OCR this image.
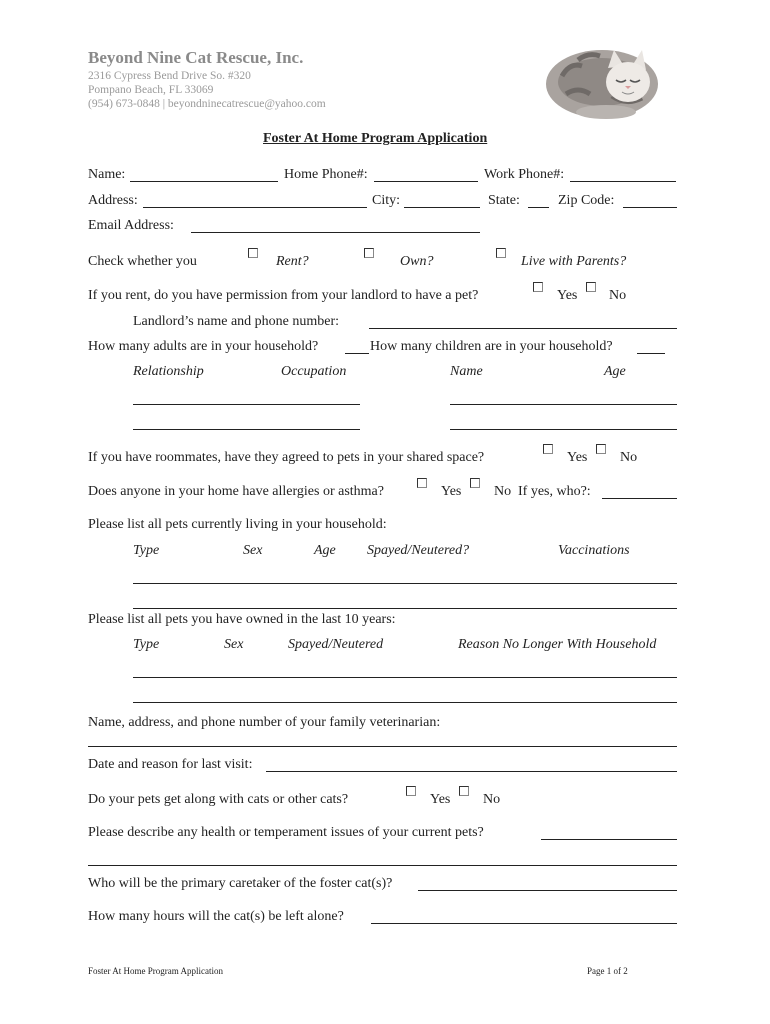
Beyond Nine Cat Rescue, Inc.
2316 Cypress Bend Drive So. #320
Pompano Beach, FL 33069
(954) 673-0848 | beyondninecatrescue@yahoo.com
Foster At Home Program Application
Name:	Home Phone#:	Work Phone#:
Address:	City:	State:	Zip Code:
Email Address:
Check whether you	Rent?	Own?	Live with Parents?
If you rent, do you have permission from your landlord to have a pet?	Yes No
Landlord’s name and phone number:
How many adults are in your household?	How many children are in your household?
Relationship	Occupation	Name	Age
If you have roommates, have they agreed to pets in your shared space?	Yes No
Does anyone in your home have allergies or asthma?	Yes No If yes, who?:
Please list all pets currently living in your household:
Type	Sex	Age Spayed/Neutered?	Vaccinations
Please list all pets you have owned in the last 10 years:
Type	Sex	Spayed/Neutered	Reason No Longer With Household
Name, address, and phone number of your family veterinarian:
Date and reason for last visit:
Do your pets get along with cats or other cats?	Yes No
Please describe any health or temperament issues of your current pets?
Who will be the primary caretaker of the foster cat(s)?
How many hours will the cat(s) be left alone?
Foster At Home Program Application	Page 1 of 2
